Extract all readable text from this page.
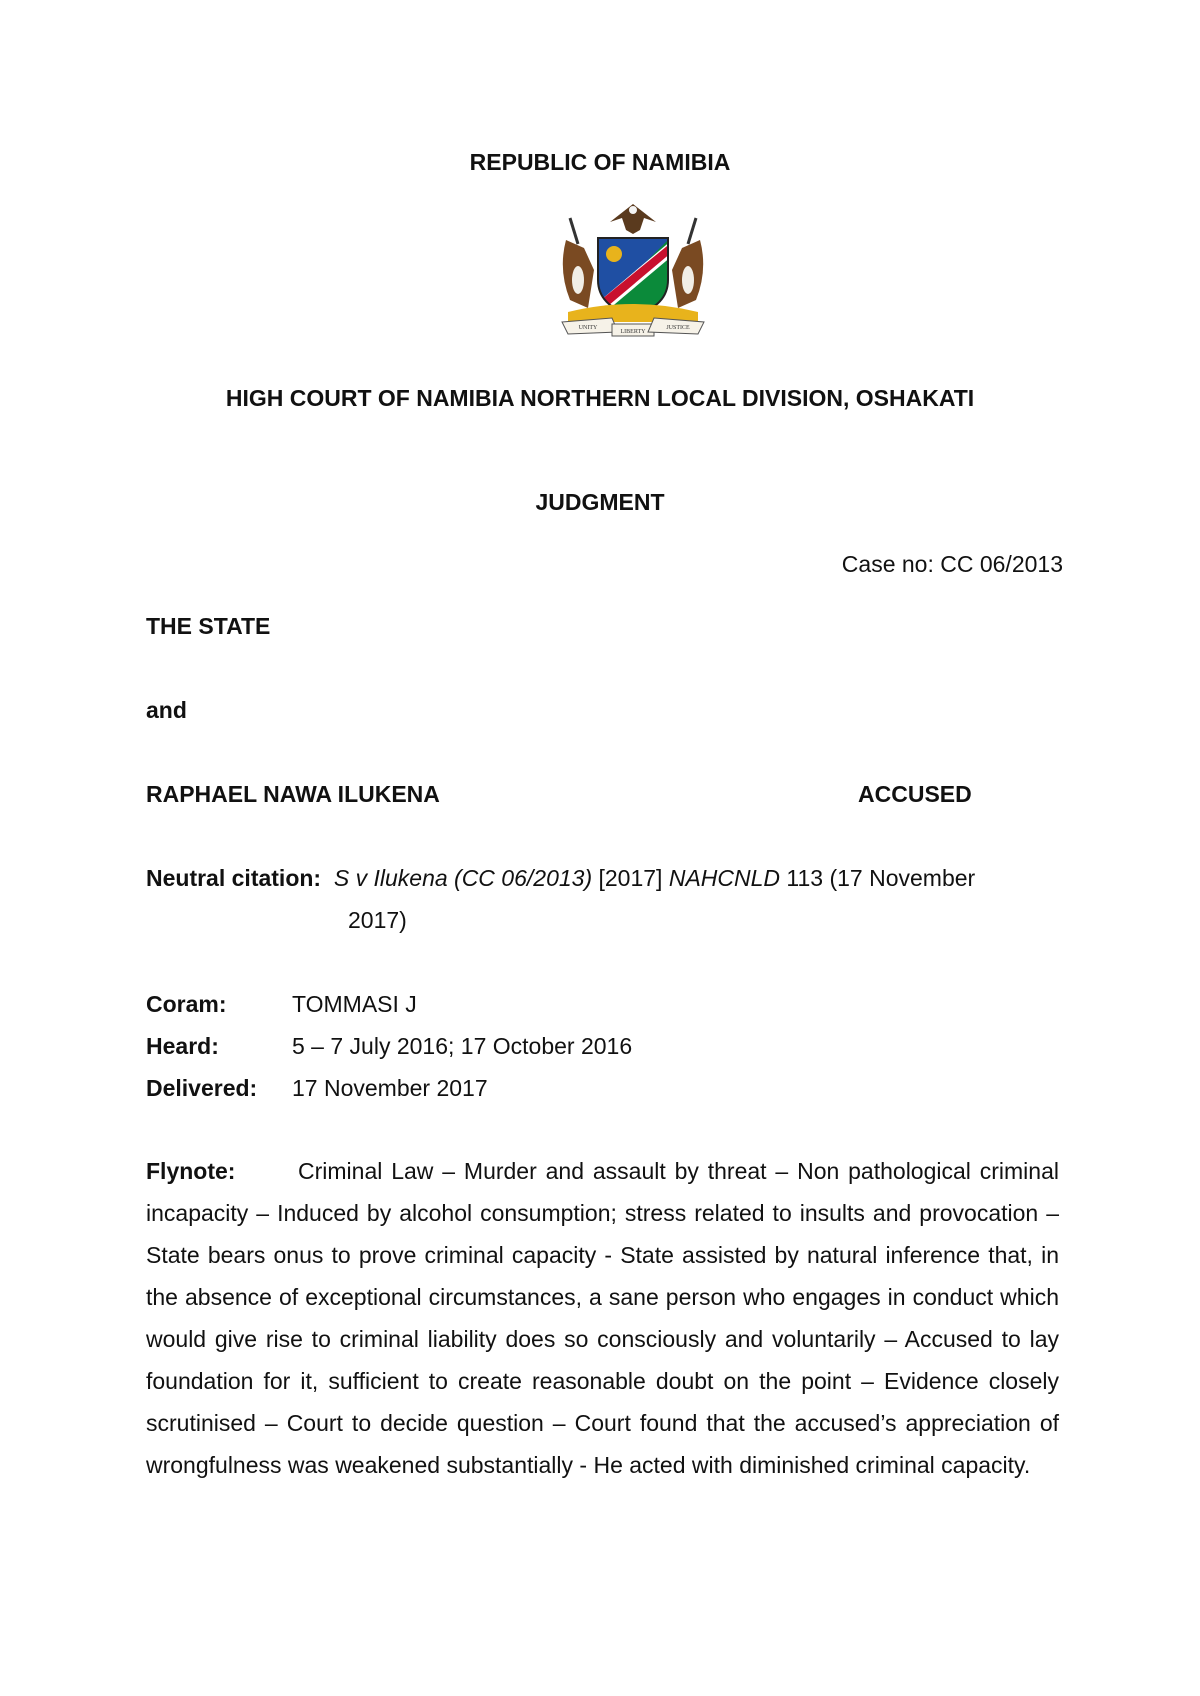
REPUBLIC OF NAMIBIA
UNITY
LIBERTY
JUSTICE
HIGH COURT OF NAMIBIA NORTHERN LOCAL DIVISION, OSHAKATI
JUDGMENT
Case no: CC 06/2013
THE STATE
and
RAPHAEL NAWA ILUKENA	ACCUSED
Neutral citation: S v Ilukena (CC 06/2013) [2017] NAHCNLD 113 (17 November
2017)
Coram:	TOMMASI J
Heard:	5 – 7 July 2016; 17 October 2016
Delivered: 17 November 2017
Flynote:	Criminal Law – Murder and assault by threat – Non pathological criminal incapacity – Induced by alcohol consumption; stress related to insults and provocation – State bears onus to prove criminal capacity - State assisted by natural inference that, in the absence of exceptional circumstances, a sane person who engages in conduct which would give rise to criminal liability does so consciously and voluntarily – Accused to lay foundation for it, sufficient to create reasonable doubt on the point – Evidence closely scrutinised – Court to decide question – Court found that the accused’s appreciation of wrongfulness was weakened substantially - He acted with diminished criminal capacity.
